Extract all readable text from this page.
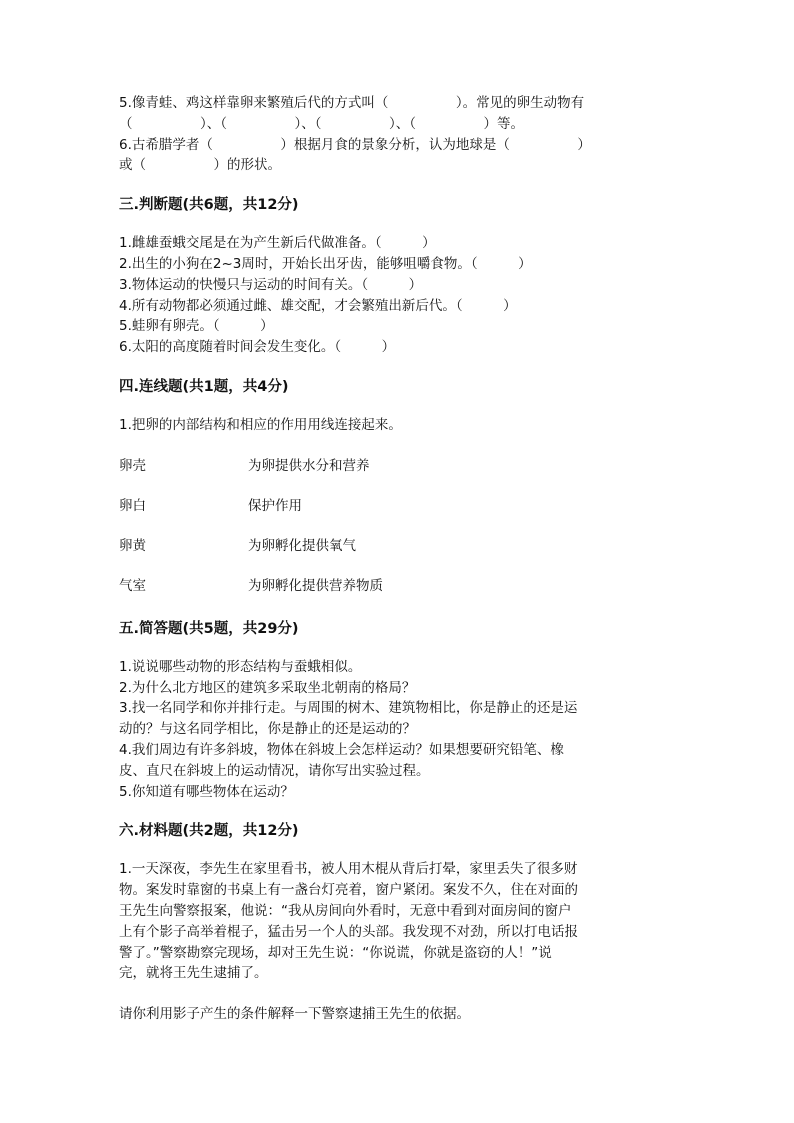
5.像青蛙、鸡这样靠卵来繁殖后代的方式叫（　　　　　）。常见的卵生动物有

（　　　　　）、（　　　　　）、（　　　　　）、（　　　　　）等。

6.古希腊学者（　　　　　）根据月食的景象分析，认为地球是（　　　　　）

或（　　　　　）的形状。

三.判断题(共6题，共12分)

1.雌雄蚕蛾交尾是在为产生新后代做准备。（　　　）

2.出生的小狗在2~3周时，开始长出牙齿，能够咀嚼食物。（　　　）

3.物体运动的快慢只与运动的时间有关。（　　　）

4.所有动物都必须通过雌、雄交配，才会繁殖出新后代。（　　　）

5.蛙卵有卵壳。（　　　）

6.太阳的高度随着时间会发生变化。（　　　）

四.连线题(共1题，共4分)

1.把卵的内部结构和相应的作用用线连接起来。

卵壳	为卵提供水分和营养
卵白	保护作用
卵黄	为卵孵化提供氧气
气室	为卵孵化提供营养物质
五.简答题(共5题，共29分)

1.说说哪些动物的形态结构与蚕蛾相似。

2.为什么北方地区的建筑多采取坐北朝南的格局？

3.找一名同学和你并排行走。与周围的树木、建筑物相比，你是静止的还是运

动的？与这名同学相比，你是静止的还是运动的？

4.我们周边有许多斜坡，物体在斜坡上会怎样运动？如果想要研究铅笔、橡

皮、直尺在斜坡上的运动情况，请你写出实验过程。

5.你知道有哪些物体在运动？

六.材料题(共2题，共12分)

1.一天深夜，李先生在家里看书，被人用木棍从背后打晕，家里丢失了很多财

物。案发时靠窗的书桌上有一盏台灯亮着，窗户紧闭。案发不久，住在对面的

王先生向警察报案，他说：“我从房间向外看时，无意中看到对面房间的窗户

上有个影子高举着棍子，猛击另一个人的头部。我发现不对劲，所以打电话报

警了。”警察勘察完现场，却对王先生说：“你说谎，你就是盗窃的人！”说

完，就将王先生逮捕了。

请你利用影子产生的条件解释一下警察逮捕王先生的依据。
